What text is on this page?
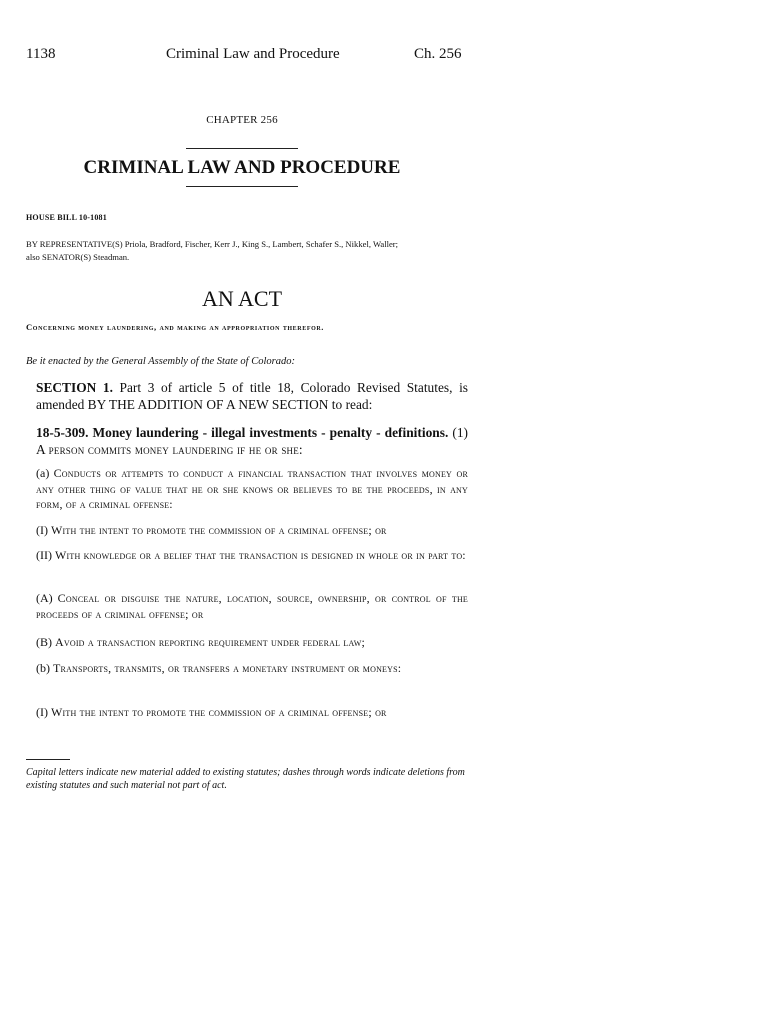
1138	Criminal Law and Procedure	Ch. 256
CHAPTER 256
CRIMINAL LAW AND PROCEDURE
HOUSE BILL 10-1081
BY REPRESENTATIVE(S) Priola, Bradford, Fischer, Kerr J., King S., Lambert, Schafer S., Nikkel, Waller;
also SENATOR(S) Steadman.
AN ACT
Concerning money laundering, and making an appropriation therefor.
Be it enacted by the General Assembly of the State of Colorado:
SECTION 1. Part 3 of article 5 of title 18, Colorado Revised Statutes, is amended BY THE ADDITION OF A NEW SECTION to read:
18-5-309. Money laundering - illegal investments - penalty - definitions. (1) A person commits money laundering if he or she:
(a) Conducts or attempts to conduct a financial transaction that involves money or any other thing of value that he or she knows or believes to be the proceeds, in any form, of a criminal offense:
(I) With the intent to promote the commission of a criminal offense; or
(II) With knowledge or a belief that the transaction is designed in whole or in part to:
(A) Conceal or disguise the nature, location, source, ownership, or control of the proceeds of a criminal offense; or
(B) Avoid a transaction reporting requirement under federal law;
(b) Transports, transmits, or transfers a monetary instrument or moneys:
(I) With the intent to promote the commission of a criminal offense; or
Capital letters indicate new material added to existing statutes; dashes through words indicate deletions from existing statutes and such material not part of act.
